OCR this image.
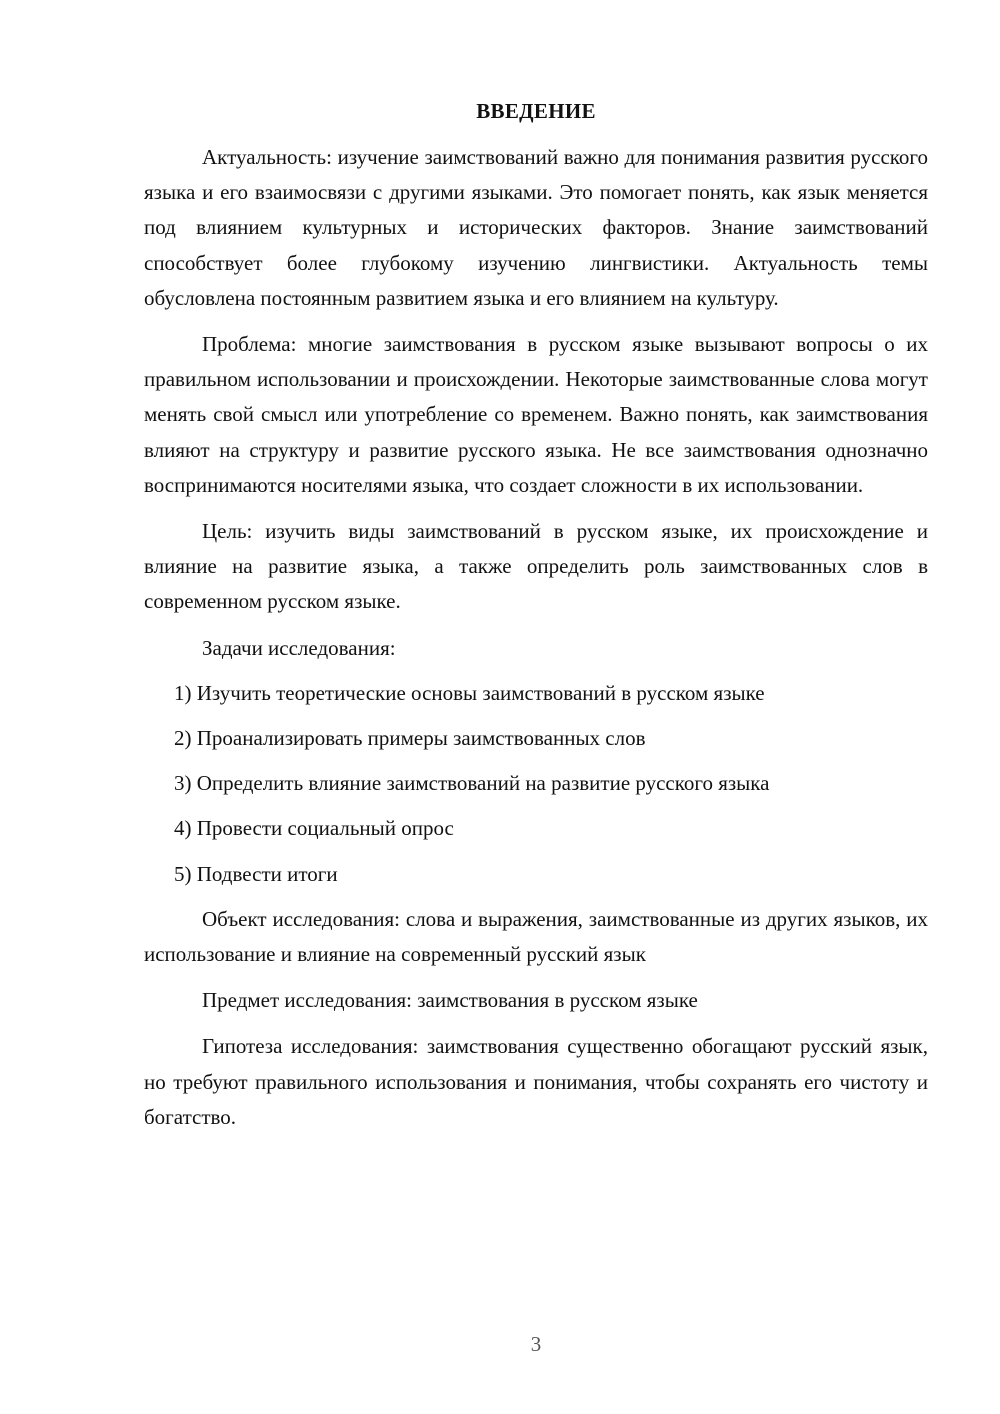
ВВЕДЕНИЕ

Актуальность: изучение заимствований важно для понимания развития русского языка и его взаимосвязи с другими языками. Это помогает понять, как язык меняется под влиянием культурных и исторических факторов. Знание заимствований способствует более глубокому изучению лингвистики. Актуальность темы обусловлена постоянным развитием языка и его влиянием на культуру.

Проблема: многие заимствования в русском языке вызывают вопросы о их правильном использовании и происхождении. Некоторые заимствованные слова могут менять свой смысл или употребление со временем. Важно понять, как заимствования влияют на структуру и развитие русского языка. Не все заимствования однозначно воспринимаются носителями языка, что создает сложности в их использовании.

Цель: изучить виды заимствований в русском языке, их происхождение и влияние на развитие языка, а также определить роль заимствованных слов в современном русском языке.

Задачи исследования:

1) Изучить теоретические основы заимствований в русском языке
2) Проанализировать примеры заимствованных слов
3) Определить влияние заимствований на развитие русского языка
4) Провести социальный опрос
5) Подвести итоги

Объект исследования: слова и выражения, заимствованные из других языков, их использование и влияние на современный русский язык

Предмет исследования: заимствования в русском языке

Гипотеза исследования: заимствования существенно обогащают русский язык, но требуют правильного использования и понимания, чтобы сохранять его чистоту и богатство.

3
